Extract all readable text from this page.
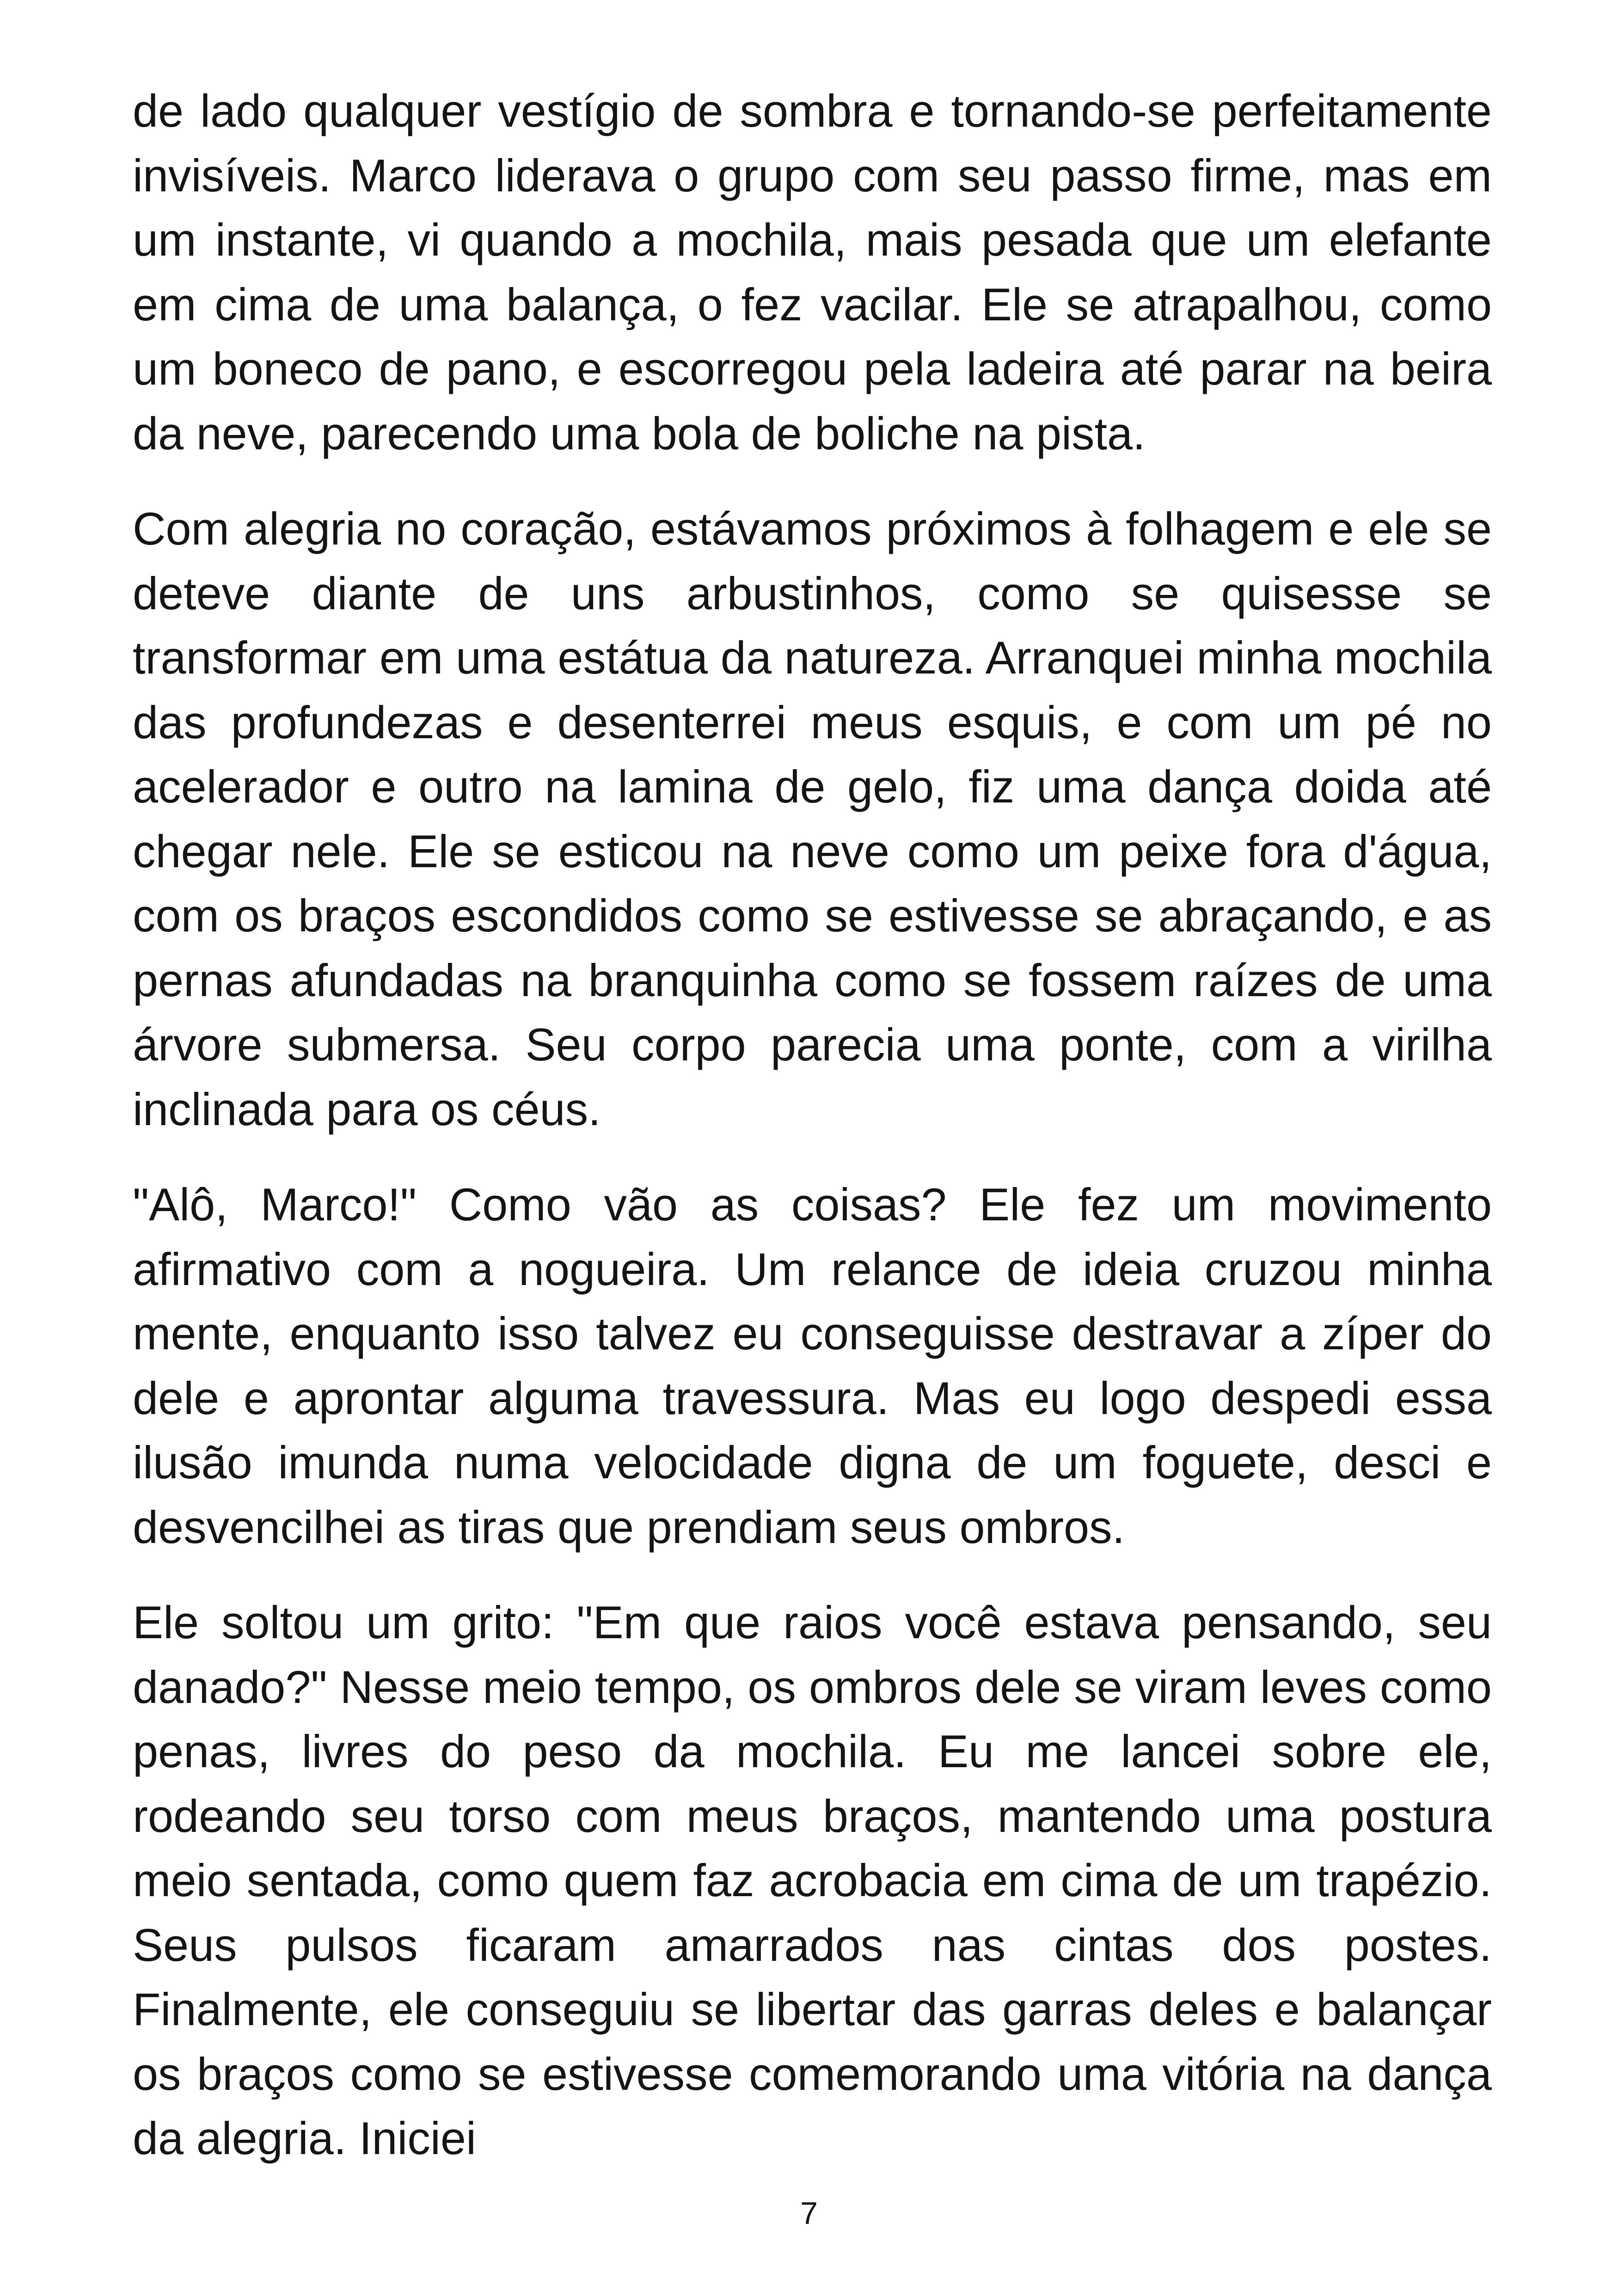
de lado qualquer vestígio de sombra e tornando-se perfeitamente invisíveis. Marco liderava o grupo com seu passo firme, mas em um instante, vi quando a mochila, mais pesada que um elefante em cima de uma balança, o fez vacilar. Ele se atrapalhou, como um boneco de pano, e escorregou pela ladeira até parar na beira da neve, parecendo uma bola de boliche na pista.

Com alegria no coração, estávamos próximos à folhagem e ele se deteve diante de uns arbustinhos, como se quisesse se transformar em uma estátua da natureza. Arranquei minha mochila das profundezas e desenterrei meus esquis, e com um pé no acelerador e outro na lamina de gelo, fiz uma dança doida até chegar nele. Ele se esticou na neve como um peixe fora d'água, com os braços escondidos como se estivesse se abraçando, e as pernas afundadas na branquinha como se fossem raízes de uma árvore submersa. Seu corpo parecia uma ponte, com a virilha inclinada para os céus.

"Alô, Marco!" Como vão as coisas? Ele fez um movimento afirmativo com a nogueira. Um relance de ideia cruzou minha mente, enquanto isso talvez eu conseguisse destravar a zíper do dele e aprontar alguma travessura. Mas eu logo despedi essa ilusão imunda numa velocidade digna de um foguete, desci e desvencilhei as tiras que prendiam seus ombros.

Ele soltou um grito: "Em que raios você estava pensando, seu danado?" Nesse meio tempo, os ombros dele se viram leves como penas, livres do peso da mochila. Eu me lancei sobre ele, rodeando seu torso com meus braços, mantendo uma postura meio sentada, como quem faz acrobacia em cima de um trapézio. Seus pulsos ficaram amarrados nas cintas dos postes. Finalmente, ele conseguiu se libertar das garras deles e balançar os braços como se estivesse comemorando uma vitória na dança da alegria. Iniciei

7
